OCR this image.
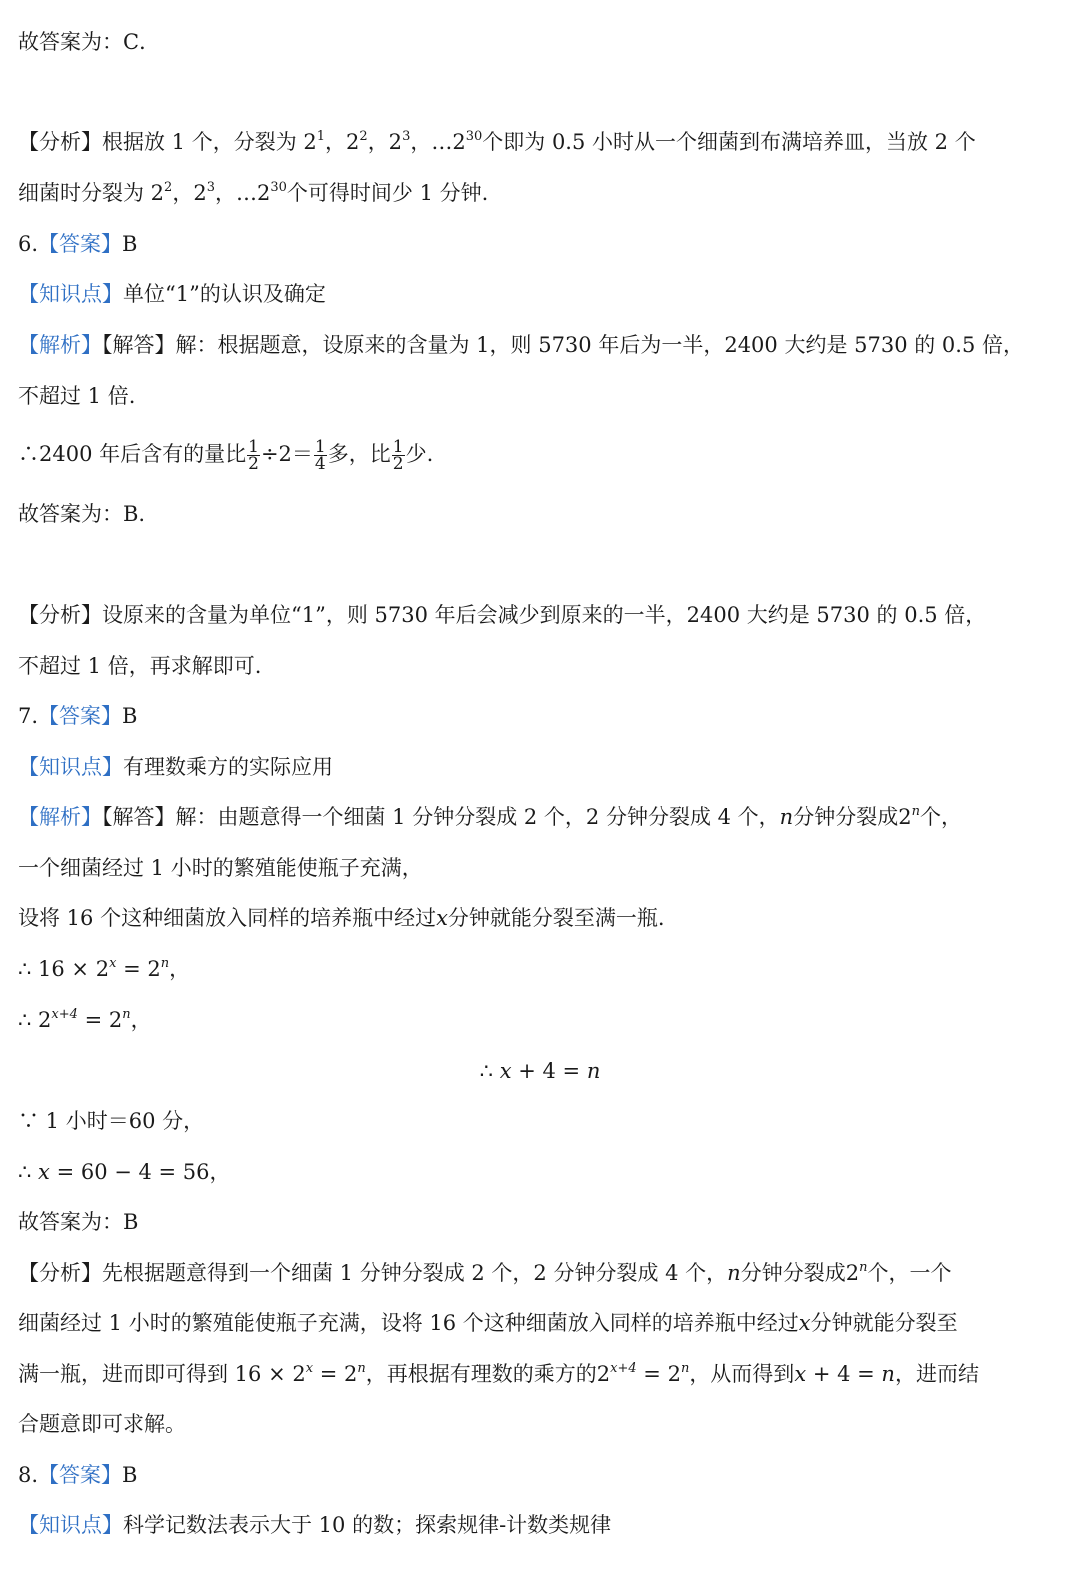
故答案为：C．
【分析】根据放 1 个，分裂为 $2^1$，$2^2$，$2^3$，$\dots 2^{30}$个即为 0.5 小时从一个细菌到布满培养皿，当放 2 个
细菌时分裂为 $2^2$，$2^3$，$\dots 2^{30}$个可得时间少 1 分钟.
6.【答案】B
【知识点】单位“1”的认识及确定
【解析】【解答】解：根据题意，设原来的含量为 1，则 5730 年后为一半，2400 大约是 5730 的 0.5 倍，
不超过 1 倍.
∴2400 年后含有的量比 $\frac{1}{2} \div 2= \frac{1}{4}$ 多，比 $\frac{1}{2}$ 少.
故答案为：B.
【分析】设原来的含量为单位“1”，则 5730 年后会减少到原来的一半，2400 大约是 5730 的 0.5 倍，
不超过 1 倍，再求解即可.
7.【答案】B
【知识点】有理数乘方的实际应用
【解析】【解答】解：由题意得一个细菌 1 分钟分裂成 2 个，2 分钟分裂成 4 个，n分钟分裂成2$^n$个，
一个细菌经过 1 小时的繁殖能使瓶子充满，
设将 16 个这种细菌放入同样的培养瓶中经过x分钟就能分裂至满一瓶.
∴ $16 \times 2^x = 2^n$，
∴ $2^{x+4} = 2^n$，
∴ x + 4 = n
∵ 1 小时＝60 分，
∴ x = 60 − 4 = 56，
故答案为：B
【分析】先根据题意得到一个细菌 1 分钟分裂成 2 个，2 分钟分裂成 4 个，n分钟分裂成2$^n$个，一个
细菌经过 1 小时的繁殖能使瓶子充满，设将 16 个这种细菌放入同样的培养瓶中经过x分钟就能分裂至
满一瓶，进而即可得到 $16 \times 2^x = 2^n$，再根据有理数的乘方的$2^{x+4} = 2^n$，从而得到x + 4 = n，进而结
合题意即可求解。
8.【答案】B
【知识点】科学记数法表示大于 10 的数；探索规律-计数类规律
